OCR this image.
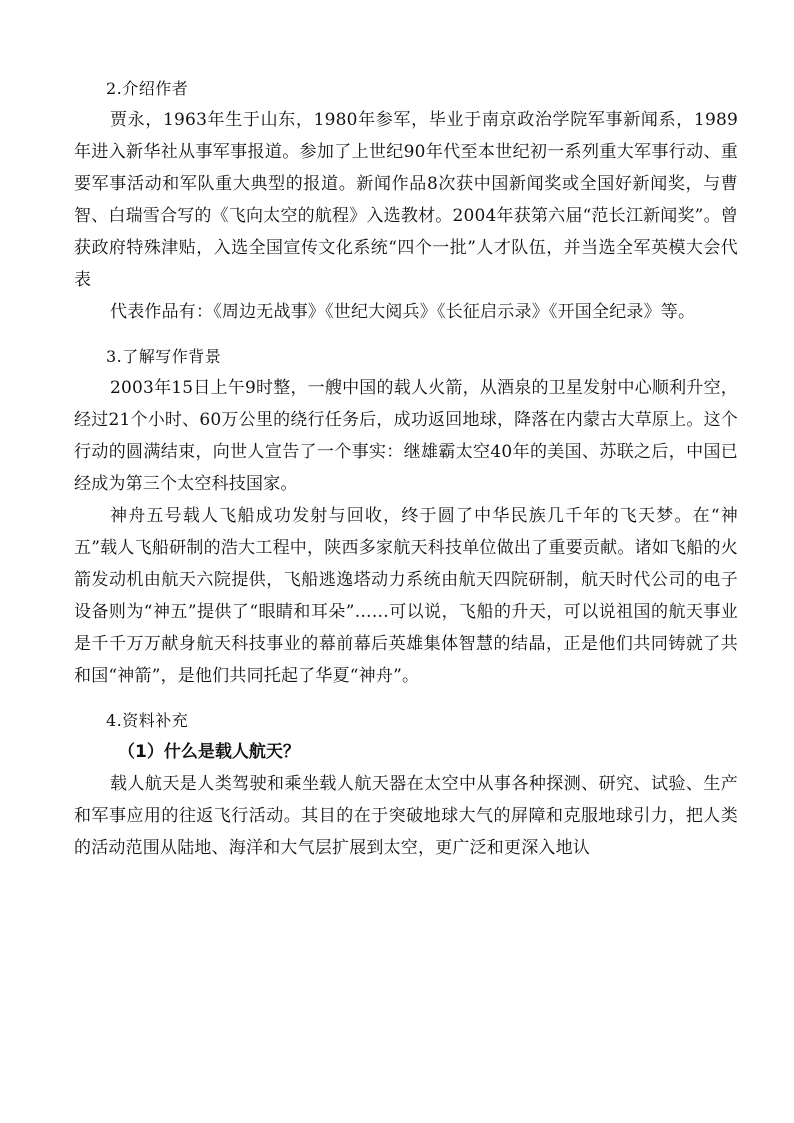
2.介绍作者

贾永，1963年生于山东，1980年参军，毕业于南京政治学院军事新闻系，1989年进入新华社从事军事报道。参加了上世纪90年代至本世纪初一系列重大军事行动、重要军事活动和军队重大典型的报道。新闻作品8次获中国新闻奖或全国好新闻奖，与曹智、白瑞雪合写的《飞向太空的航程》入选教材。2004年获第六届“范长江新闻奖”。曾获政府特殊津贴，入选全国宣传文化系统“四个一批”人才队伍，并当选全军英模大会代表

代表作品有：《周边无战事》《世纪大阅兵》《长征启示录》《开国全纪录》等。

3.了解写作背景

2003年15日上午9时整，一艘中国的载人火箭，从酒泉的卫星发射中心顺利升空，经过21个小时、60万公里的绕行任务后，成功返回地球，降落在内蒙古大草原上。这个行动的圆满结束，向世人宣告了一个事实：继雄霸太空40年的美国、苏联之后，中国已经成为第三个太空科技国家。

神舟五号载人飞船成功发射与回收，终于圆了中华民族几千年的飞天梦。在“神五”载人飞船研制的浩大工程中，陕西多家航天科技单位做出了重要贡献。诸如飞船的火箭发动机由航天六院提供，飞船逃逸塔动力系统由航天四院研制，航天时代公司的电子设备则为“神五”提供了“眼睛和耳朵”……可以说，飞船的升天，可以说祖国的航天事业是千千万万献身航天科技事业的幕前幕后英雄集体智慧的结晶，正是他们共同铸就了共和国“神箭”，是他们共同托起了华夏“神舟”。

4.资料补充
（1）什么是载人航天？

载人航天是人类驾驶和乘坐载人航天器在太空中从事各种探测、研究、试验、生产和军事应用的往返飞行活动。其目的在于突破地球大气的屏障和克服地球引力，把人类的活动范围从陆地、海洋和大气层扩展到太空，更广泛和更深入地认
